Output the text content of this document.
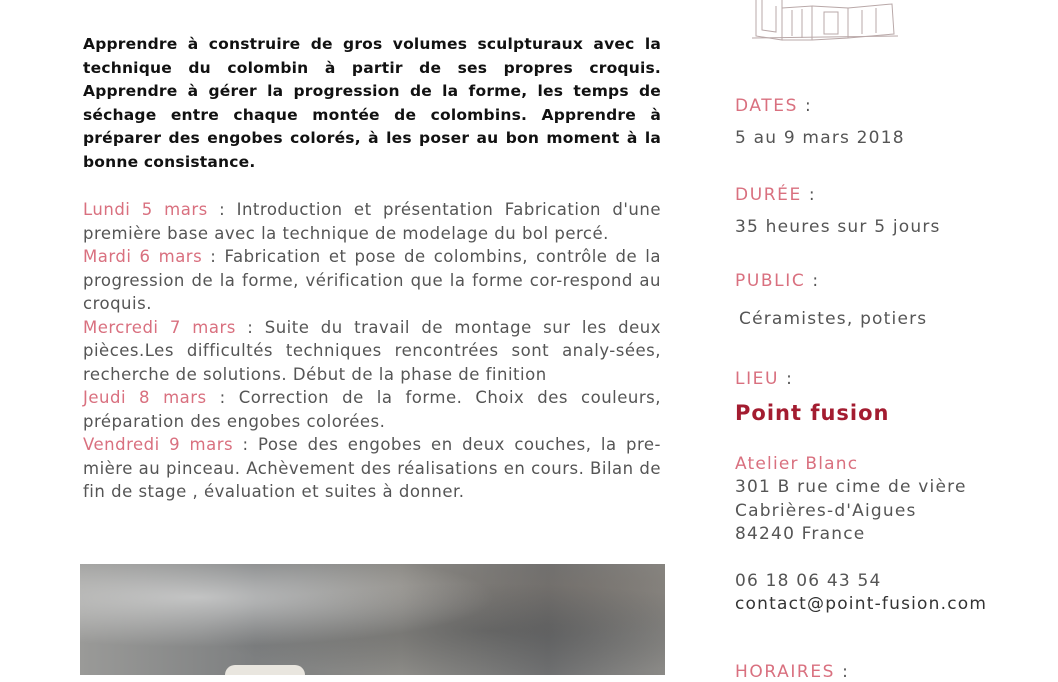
Apprendre à construire de gros volumes sculpturaux avec la technique du colombin à partir de ses propres croquis. Apprendre à gérer la progression de la forme, les temps de séchage entre chaque montée de colombins. Apprendre à préparer des engobes colorés, à les poser au bon moment à la bonne consistance.

Lundi 5 mars : Introduction et présentation Fabrication d'une première base avec la technique de modelage du bol percé.

Mardi 6 mars : Fabrication et pose de colombins, contrôle de la progression de la forme, vérification que la forme cor-respond au croquis.

Mercredi 7 mars : Suite du travail de montage sur les deux pièces.Les difficultés techniques rencontrées sont analy-sées, recherche de solutions. Début de la phase de finition

Jeudi 8 mars : Correction de la forme. Choix des couleurs, préparation des engobes colorées.

Vendredi 9 mars : Pose des engobes en deux couches, la pre-mière au pinceau. Achèvement des réalisations en cours. Bilan de fin de stage , évaluation et suites à donner.

DATES :
5 au 9 mars 2018
DURÉE :
35 heures sur 5 jours
PUBLIC :
Céramistes, potiers
LIEU :
Point fusion
Atelier Blanc
301 B rue cime de vière
Cabrières-d'Aigues
84240 France
06 18 06 43 54
contact@point-fusion.com
HORAIRES :
